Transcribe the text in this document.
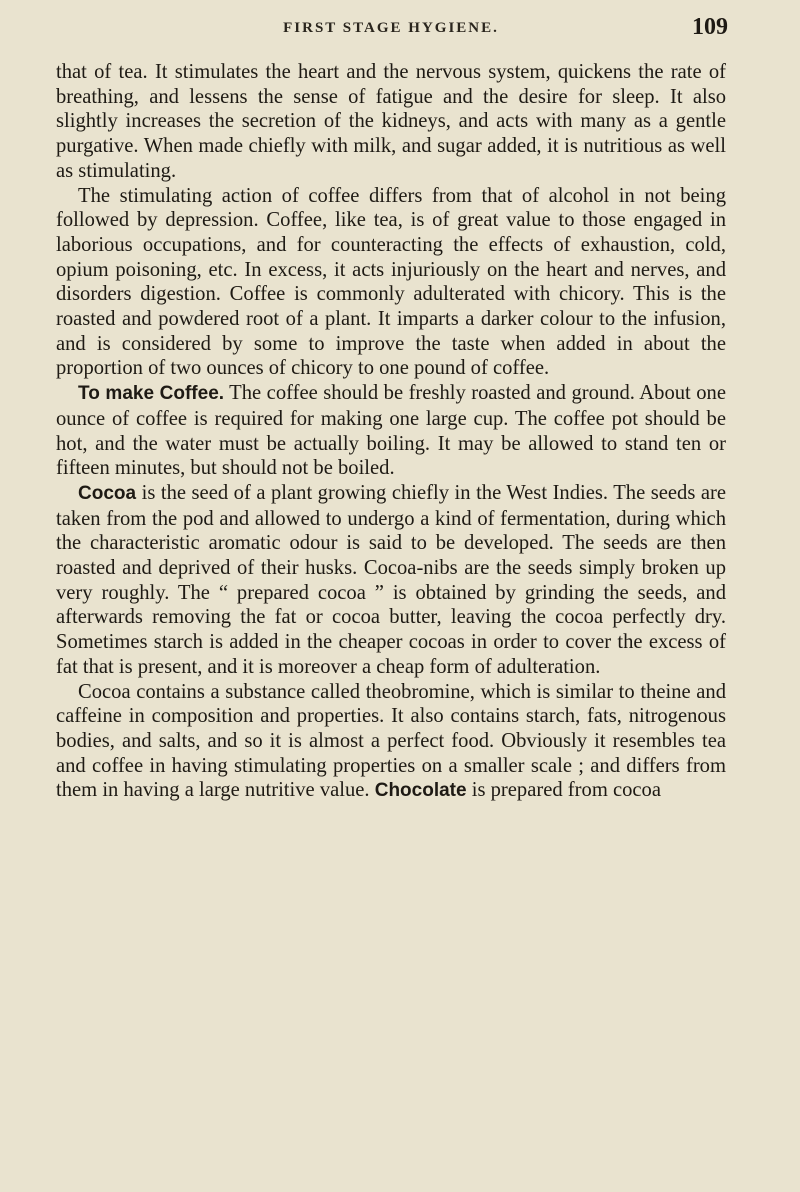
FIRST STAGE HYGIENE.	109

that of tea. It stimulates the heart and the nervous system, quickens the rate of breathing, and lessens the sense of fatigue and the desire for sleep. It also slightly increases the secretion of the kidneys, and acts with many as a gentle purgative. When made chiefly with milk, and sugar added, it is nutritious as well as stimulating.

The stimulating action of coffee differs from that of alcohol in not being followed by depression. Coffee, like tea, is of great value to those engaged in laborious occupations, and for counteracting the effects of exhaustion, cold, opium poisoning, etc. In excess, it acts injuriously on the heart and nerves, and disorders digestion. Coffee is commonly adulterated with chicory. This is the roasted and powdered root of a plant. It imparts a darker colour to the infusion, and is considered by some to improve the taste when added in about the proportion of two ounces of chicory to one pound of coffee.

To make Coffee. The coffee should be freshly roasted and ground. About one ounce of coffee is required for making one large cup. The coffee pot should be hot, and the water must be actually boiling. It may be allowed to stand ten or fifteen minutes, but should not be boiled.

Cocoa is the seed of a plant growing chiefly in the West Indies. The seeds are taken from the pod and allowed to undergo a kind of fermentation, during which the characteristic aromatic odour is said to be developed. The seeds are then roasted and deprived of their husks. Cocoa-nibs are the seeds simply broken up very roughly. The “ prepared cocoa ” is obtained by grinding the seeds, and afterwards removing the fat or cocoa butter, leaving the cocoa perfectly dry. Sometimes starch is added in the cheaper cocoas in order to cover the excess of fat that is present, and it is moreover a cheap form of adulteration.

Cocoa contains a substance called theobromine, which is similar to theine and caffeine in composition and properties. It also contains starch, fats, nitrogenous bodies, and salts, and so it is almost a perfect food. Obviously it resembles tea and coffee in having stimulating properties on a smaller scale ; and differs from them in having a large nutritive value. Chocolate is prepared from cocoa
